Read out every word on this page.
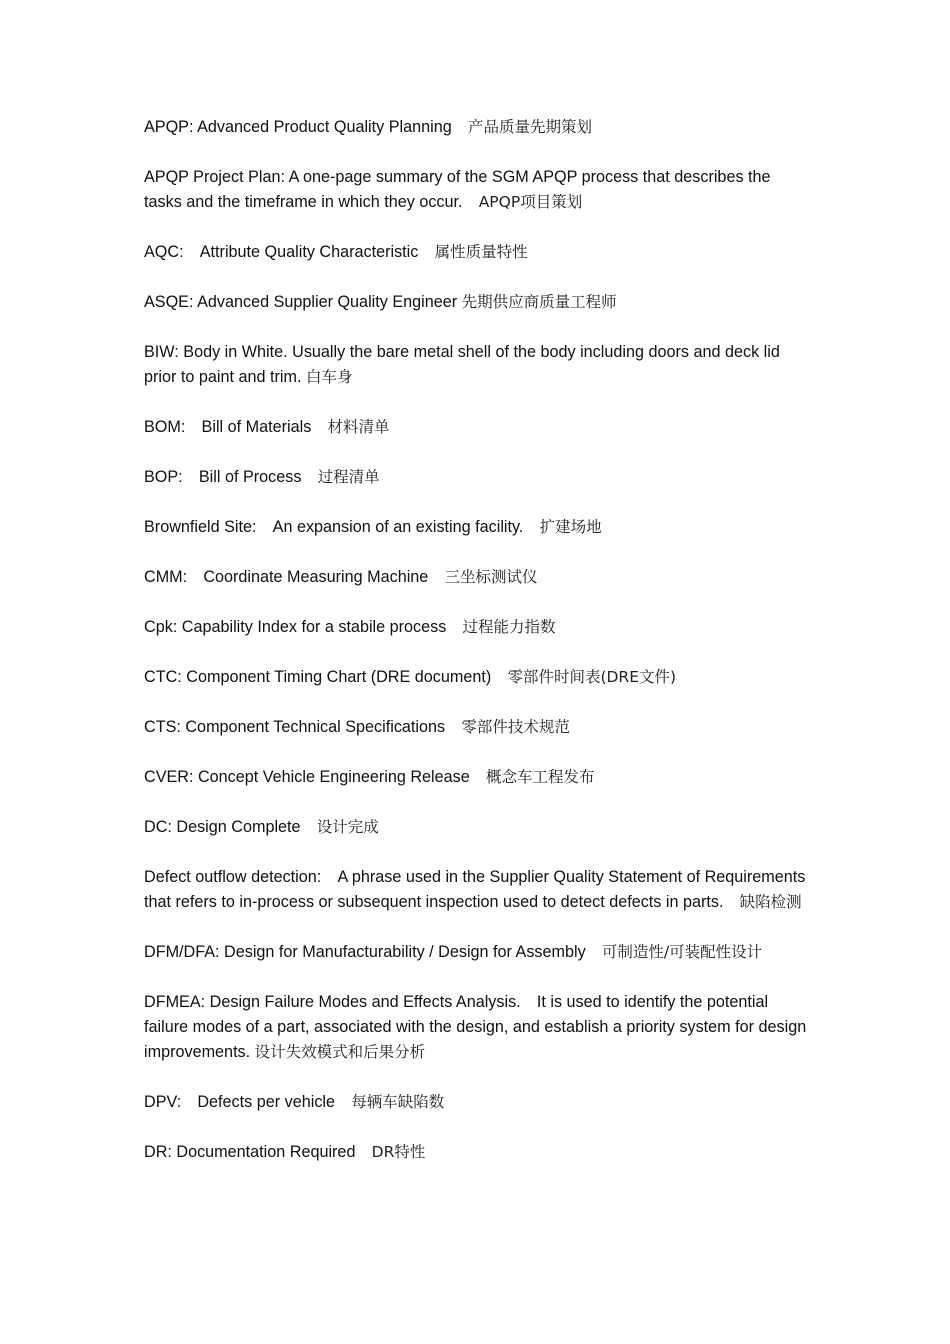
APQP: Advanced Product Quality Planning　产品质量先期策划

APQP Project Plan: A one-page summary of the SGM APQP process that describes the tasks and the timeframe in which they occur.　APQP项目策划

AQC:　Attribute Quality Characteristic　属性质量特性

ASQE: Advanced Supplier Quality Engineer 先期供应商质量工程师

BIW: Body in White. Usually the bare metal shell of the body including doors and deck lid prior to paint and trim. 白车身

BOM:　Bill of Materials　材料清单

BOP:　Bill of Process　过程清单

Brownfield Site:　An expansion of an existing facility.　扩建场地

CMM:　Coordinate Measuring Machine　三坐标测试仪

Cpk: Capability Index for a stabile process　过程能力指数

CTC: Component Timing Chart (DRE document)　零部件时间表(DRE文件)

CTS: Component Technical Specifications　零部件技术规范

CVER: Concept Vehicle Engineering Release　概念车工程发布

DC: Design Complete　设计完成

Defect outflow detection:　A phrase used in the Supplier Quality Statement of Requirements that refers to in-process or subsequent inspection used to detect defects in parts.　缺陷检测

DFM/DFA: Design for Manufacturability / Design for Assembly　可制造性/可装配性设计

DFMEA: Design Failure Modes and Effects Analysis.　It is used to identify the potential failure modes of a part, associated with the design, and establish a priority system for design improvements. 设计失效模式和后果分析

DPV:　Defects per vehicle　每辆车缺陷数

DR: Documentation Required　DR特性
